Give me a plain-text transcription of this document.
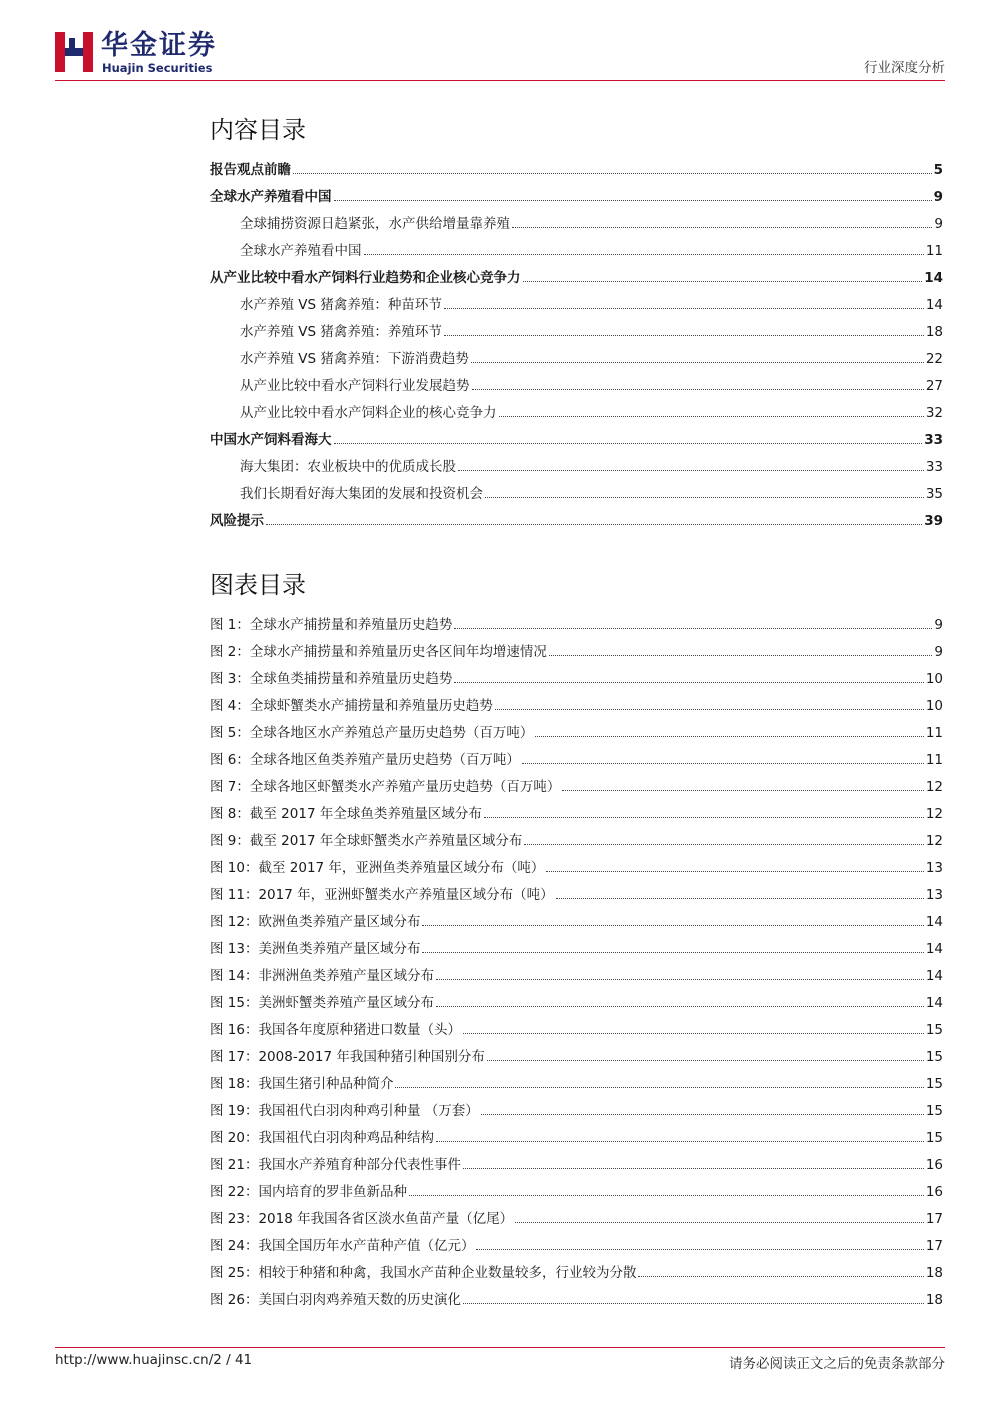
华金证券
Huajin Securities	行业深度分析
内容目录
报告观点前瞻	5
全球水产养殖看中国	9
全球捕捞资源日趋紧张，水产供给增量靠养殖	9
全球水产养殖看中国	11
从产业比较中看水产饲料行业趋势和企业核心竞争力	14
水产养殖 VS 猪禽养殖：种苗环节	14
水产养殖 VS 猪禽养殖：养殖环节	18
水产养殖 VS 猪禽养殖：下游消费趋势	22
从产业比较中看水产饲料行业发展趋势	27
从产业比较中看水产饲料企业的核心竞争力	32
中国水产饲料看海大	33
海大集团：农业板块中的优质成长股	33
我们长期看好海大集团的发展和投资机会	35
风险提示	39
图表目录
图 1：全球水产捕捞量和养殖量历史趋势	9
图 2：全球水产捕捞量和养殖量历史各区间年均增速情况	9
图 3：全球鱼类捕捞量和养殖量历史趋势	10
图 4：全球虾蟹类水产捕捞量和养殖量历史趋势	10
图 5：全球各地区水产养殖总产量历史趋势（百万吨）	11
图 6：全球各地区鱼类养殖产量历史趋势（百万吨）	11
图 7：全球各地区虾蟹类水产养殖产量历史趋势（百万吨）	12
图 8：截至 2017 年全球鱼类养殖量区域分布	12
图 9：截至 2017 年全球虾蟹类水产养殖量区域分布	12
图 10：截至 2017 年，亚洲鱼类养殖量区域分布（吨）	13
图 11：2017 年，亚洲虾蟹类水产养殖量区域分布（吨）	13
图 12：欧洲鱼类养殖产量区域分布	14
图 13：美洲鱼类养殖产量区域分布	14
图 14：非洲洲鱼类养殖产量区域分布	14
图 15：美洲虾蟹类养殖产量区域分布	14
图 16：我国各年度原种猪进口数量（头）	15
图 17：2008-2017 年我国种猪引种国别分布	15
图 18：我国生猪引种品种简介	15
图 19：我国祖代白羽肉种鸡引种量 （万套）	15
图 20：我国祖代白羽肉种鸡品种结构	15
图 21：我国水产养殖育种部分代表性事件	16
图 22：国内培育的罗非鱼新品种	16
图 23：2018 年我国各省区淡水鱼苗产量（亿尾）	17
图 24：我国全国历年水产苗种产值（亿元）	17
图 25：相较于种猪和种禽，我国水产苗种企业数量较多，行业较为分散	18
图 26：美国白羽肉鸡养殖天数的历史演化	18
http://www.huajinsc.cn/2 / 41	请务必阅读正文之后的免责条款部分
